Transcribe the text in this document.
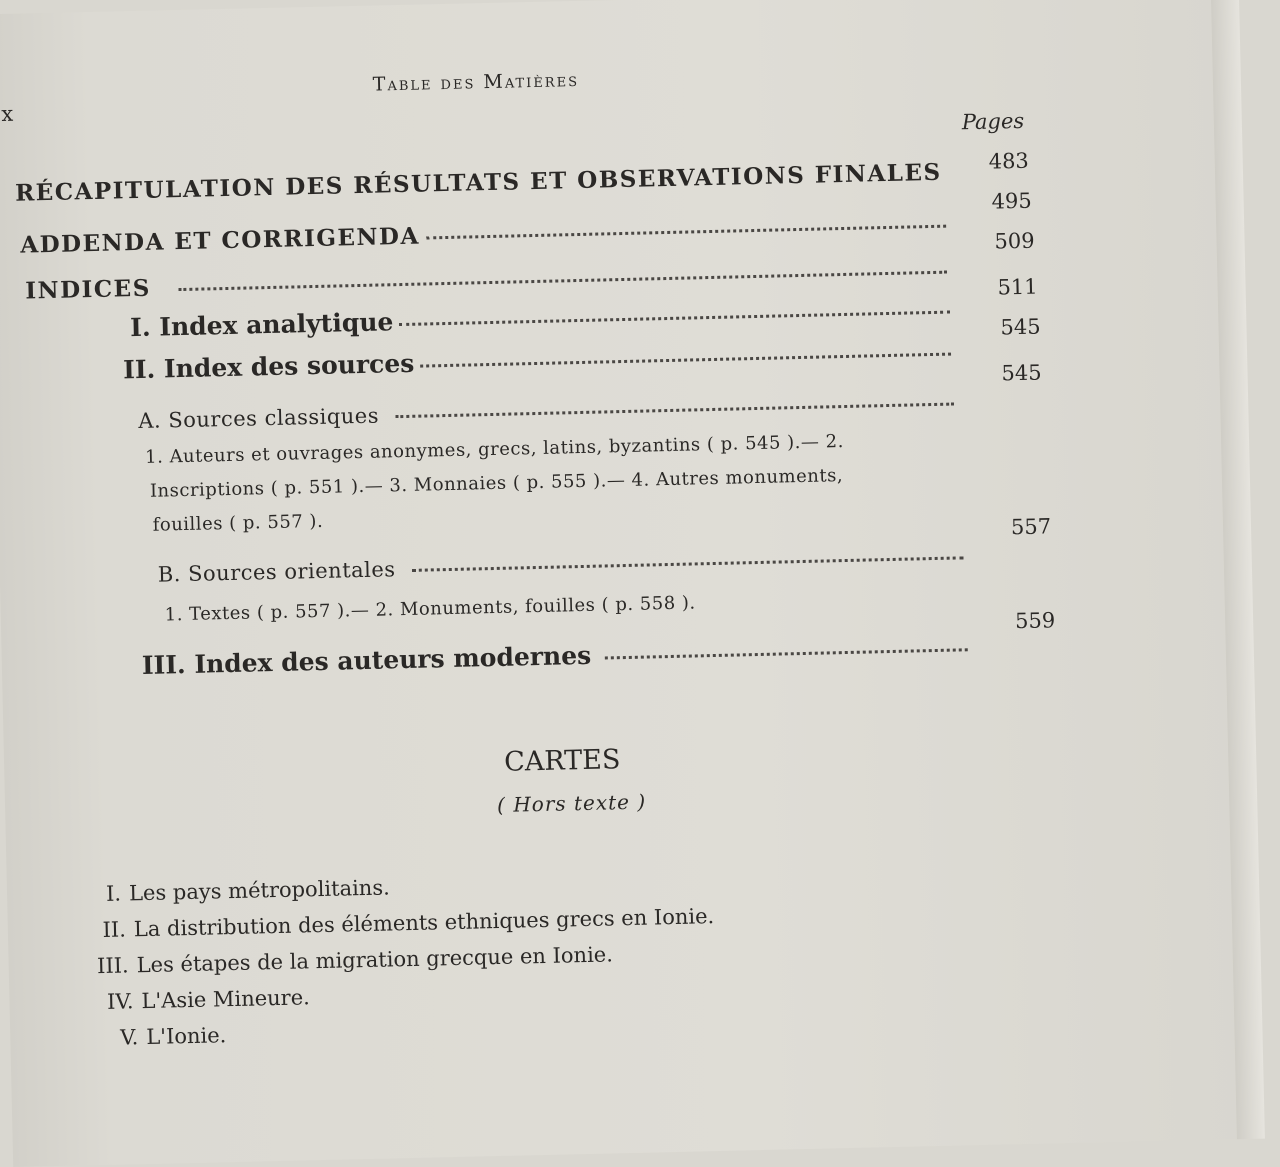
x
Table des Matières
Pages
RÉCAPITULATION DES RÉSULTATS ET OBSERVATIONS FINALES 483
ADDENDA ET CORRIGENDA
495
INDICES
509
I. Index analytique
511
II. Index des sources
545
A. Sources classiques
545
1. Auteurs et ouvrages anonymes, grecs, latins, byzantins ( p. 545 ).— 2.
Inscriptions ( p. 551 ).— 3. Monnaies ( p. 555 ).— 4. Autres monuments,
fouilles ( p. 557 ).
B. Sources orientales
557
1. Textes ( p. 557 ).— 2. Monuments, fouilles ( p. 558 ).
III. Index des auteurs modernes
559
CARTES
( Hors texte )
I. Les pays métropolitains.
II. La distribution des éléments ethniques grecs en Ionie.
III. Les étapes de la migration grecque en Ionie.
IV. L'Asie Mineure.
V. L'Ionie.
